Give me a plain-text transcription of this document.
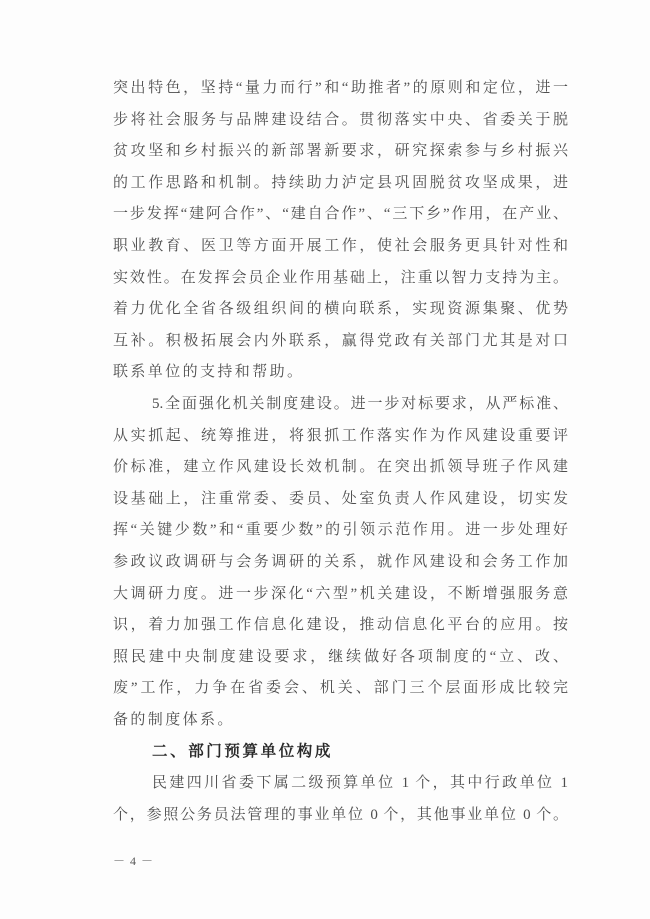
突出特色，坚持“量力而行”和“助推者”的原则和定位，进一
步将社会服务与品牌建设结合。贯彻落实中央、省委关于脱
贫攻坚和乡村振兴的新部署新要求，研究探索参与乡村振兴
的工作思路和机制。持续助力泸定县巩固脱贫攻坚成果，进
一步发挥“建阿合作”、“建自合作”、“三下乡”作用，在产业、
职业教育、医卫等方面开展工作，使社会服务更具针对性和
实效性。在发挥会员企业作用基础上，注重以智力支持为主。
着力优化全省各级组织间的横向联系，实现资源集聚、优势
互补。积极拓展会内外联系，赢得党政有关部门尤其是对口
联系单位的支持和帮助。
5.全面强化机关制度建设。进一步对标要求，从严标准、
从实抓起、统筹推进，将狠抓工作落实作为作风建设重要评
价标准，建立作风建设长效机制。在突出抓领导班子作风建
设基础上，注重常委、委员、处室负责人作风建设，切实发
挥“关键少数”和“重要少数”的引领示范作用。进一步处理好
参政议政调研与会务调研的关系，就作风建设和会务工作加
大调研力度。进一步深化“六型”机关建设，不断增强服务意
识，着力加强工作信息化建设，推动信息化平台的应用。按
照民建中央制度建设要求，继续做好各项制度的“立、改、
废”工作，力争在省委会、机关、部门三个层面形成比较完
备的制度体系。
二、部门预算单位构成
民建四川省委下属二级预算单位 1 个，其中行政单位 1
个，参照公务员法管理的事业单位 0 个，其他事业单位 0 个。
－ 4 －
